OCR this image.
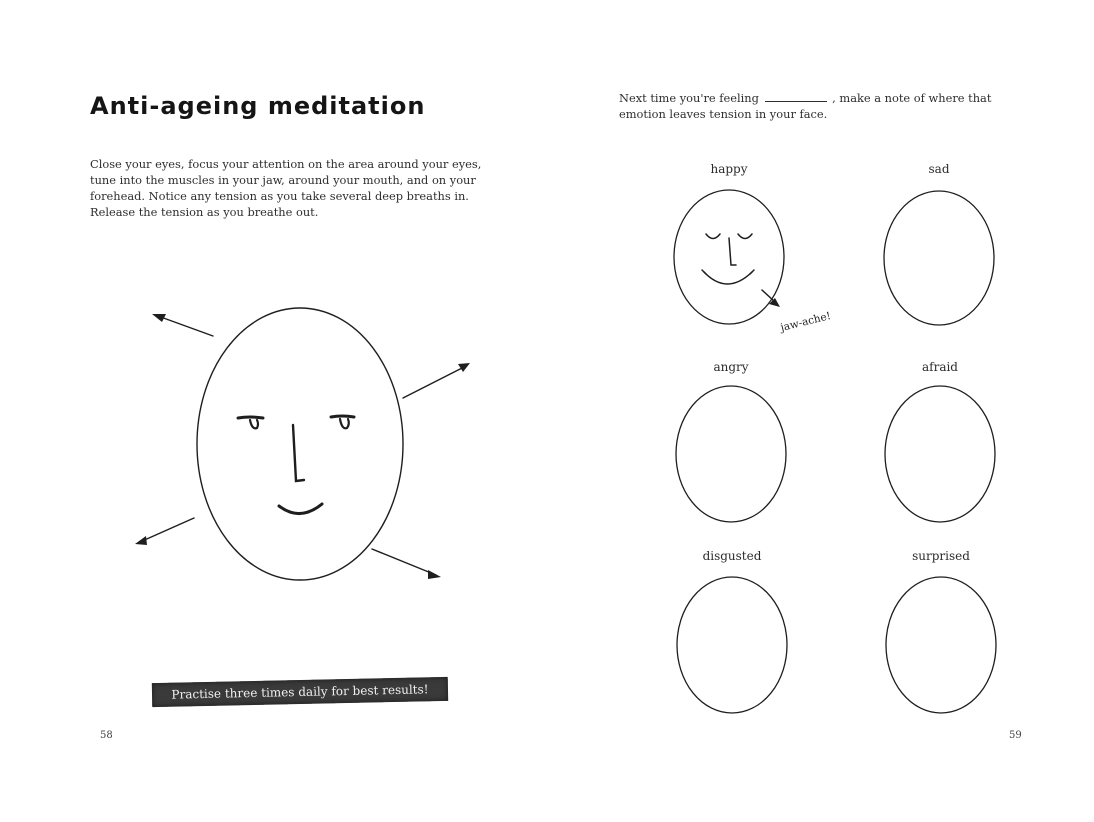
Anti-ageing meditation
Close your eyes, focus your attention on the area around your eyes, tune into the muscles in your jaw, around your mouth, and on your forehead. Notice any tension as you take several deep breaths in. Release the tension as you breathe out.
Practise three times daily for best results!
58
Next time you're feeling	, make a note of where that emotion leaves tension in your face.
happy	sad
jaw-ache!
angry	afraid
disgusted	surprised
59
